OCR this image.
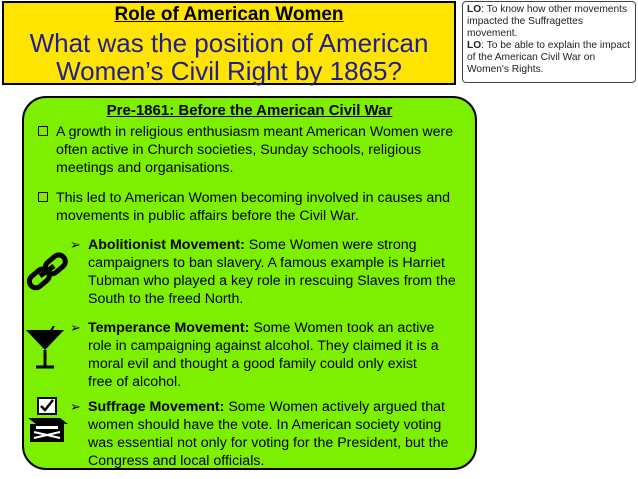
Role of American Women
What was the position of American
Women’s Civil Right by 1865?
LO: To know how other movements impacted the Suffragettes movement.
LO: To be able to explain the impact of the American Civil War on Women's Rights.
Pre-1861: Before the American Civil War
A growth in religious enthusiasm meant American Women were often active in Church societies, Sunday schools, religious meetings and organisations.
This led to American Women becoming involved in causes and movements in public affairs before the Civil War.
➢ Abolitionist Movement: Some Women were strong campaigners to ban slavery. A famous example is Harriet Tubman who played a key role in rescuing Slaves from the South to the freed North.
➢ Temperance Movement: Some Women took an active role in campaigning against alcohol. They claimed it is a moral evil and thought a good family could only exist free of alcohol.
➢ Suffrage Movement: Some Women actively argued that women should have the vote. In American society voting was essential not only for voting for the President, but the Congress and local officials.
